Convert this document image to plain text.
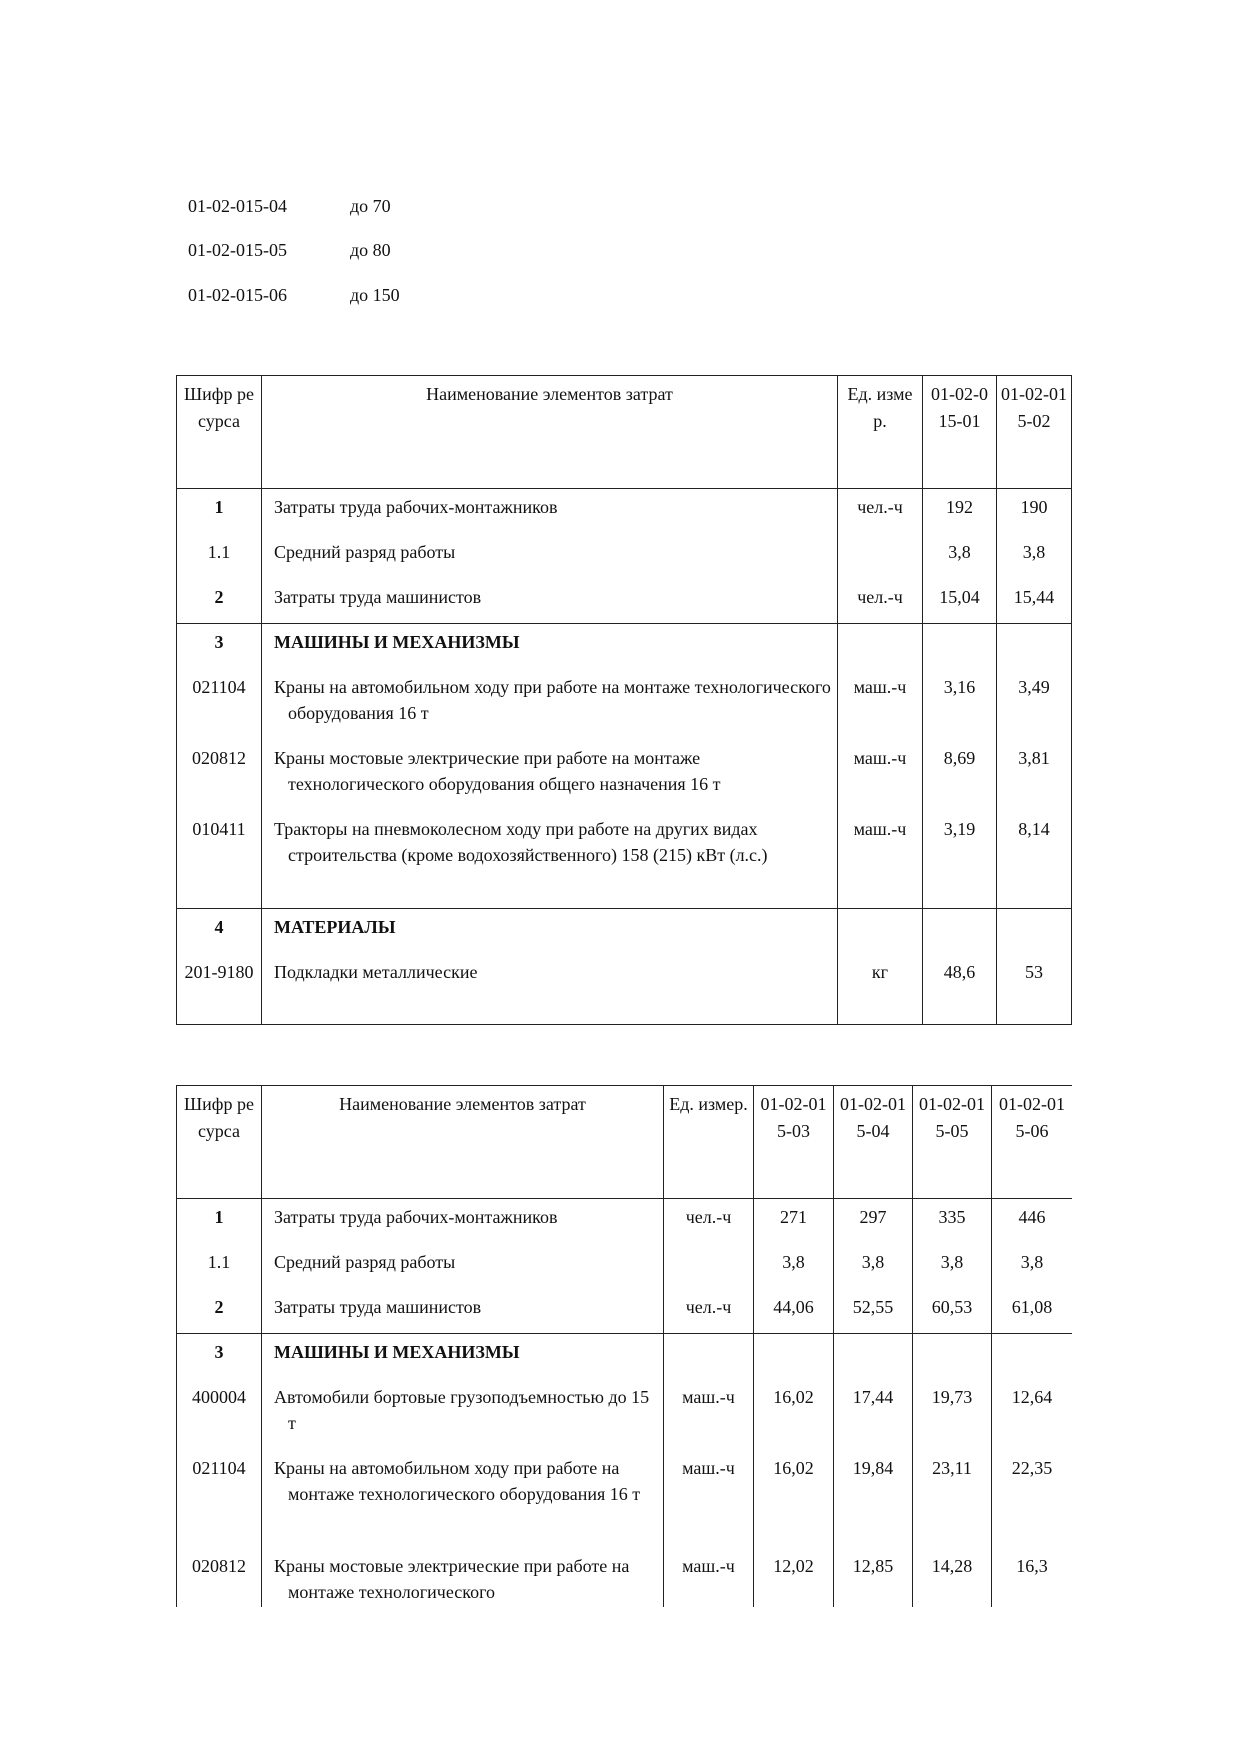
01-02-015-04	до 70
01-02-015-05	до 80
01-02-015-06	до 150
Шифр ресурса	Наименование элементов затрат	Ед. измер.	01-02-015-01	01-02-015-02
1	Затраты труда рабочих-монтажников	чел.-ч	192	190
1.1	Средний разряд работы		3,8	3,8
2	Затраты труда машинистов	чел.-ч	15,04	15,44
3	МАШИНЫ И МЕХАНИЗМЫ			

021104	Краны на автомобильном ходу при работе на монтаже технологического оборудования 16 т	маш.-ч	3,16	3,49
020812	Краны мостовые электрические при работе на монтаже технологического оборудования общего назначения 16 т	маш.-ч	8,69	3,81
010411	Тракторы на пневмоколесном ходу при работе на других видах строительства (кроме водохозяйственного) 158 (215) кВт (л.с.)	маш.-ч	3,19	8,14
4	МАТЕРИАЛЫ			

201-9180	Подкладки металлические	кг	48,6	53
Шифр ресурса	Наименование элементов затрат	Ед. измер.	01-02-015-03	01-02-015-04	01-02-015-05	01-02-015-06
1	Затраты труда рабочих-монтажников	чел.-ч	271	297	335	446
1.1	Средний разряд работы		3,8	3,8	3,8	3,8
2	Затраты труда машинистов	чел.-ч	44,06	52,55	60,53	61,08
3	МАШИНЫ И МЕХАНИЗМЫ					

400004	Автомобили бортовые грузоподъемностью до 15 т	маш.-ч	16,02	17,44	19,73	12,64
021104	Краны на автомобильном ходу при работе на монтаже технологического оборудования 16 т	маш.-ч	16,02	19,84	23,11	22,35
020812	Краны мостовые электрические при работе на монтаже технологического	маш.-ч	12,02	12,85	14,28	16,3
